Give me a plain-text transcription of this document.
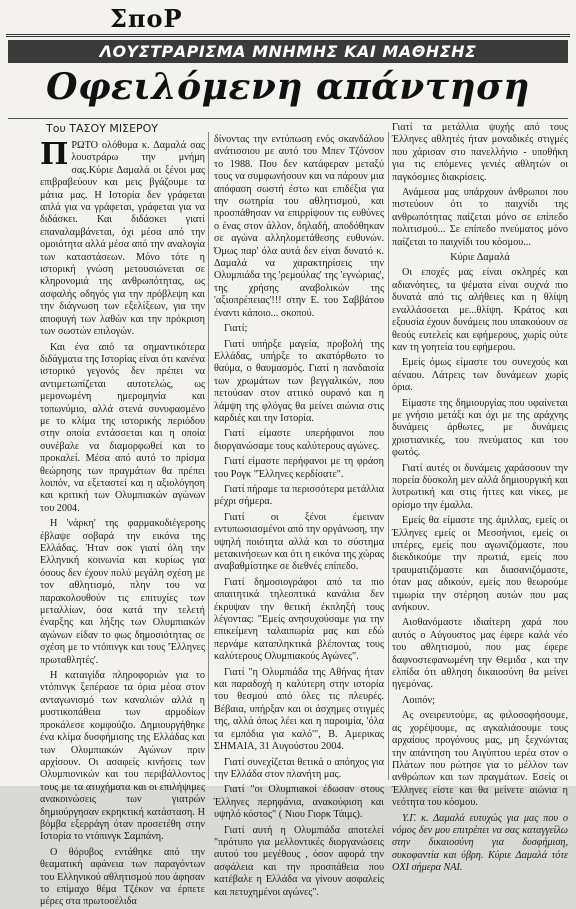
ΣποΡ
ΛΟΥΣΤΡΑΡΙΣΜΑ ΜΝΗΜΗΣ ΚΑΙ ΜΑΘΗΣΗΣ
Οφειλόμενη απάντηση
Του ΤΑΣΟΥ ΜΙΣΕΡΟΥ

ΠΡΩΤΟ ολόθυμα κ. Δαμαλά σας λουστράρω την μνήμη σας.Κύριε Δαμαλά οι ξένοι μας επιβραβεύουν και μεις βγάζουμε τα μάτια μας. Η Ιστορία δεν γράφεται απλά για να γράφεται, γράφεται για να διδάσκει. Και διδάσκει γιατί επαναλαμβάνεται, όχι μέσα από την ομοιότητα αλλά μέσα από την αναλογία των καταστάσεων. Μόνο τότε η ιστορική γνώση μετουσιώνεται σε κληρονομιά της ανθρωπότητας, ως ασφαλής οδηγός για την πρόβλεψη και την διάγνωση των εξελίξεων, για την αποφυγή των λαθών και την πρόκριση των σωστών επιλογών.

Και ένα από τα σημαντικότερα διδάγματα της Ιστορίας είναι ότι κανένα ιστορικό γεγονός δεν πρέπει να αντιμετωπίζεται αυτοτελώς, ως μεμονωμένη ημερομηνία και τοπωνύμιο, αλλά στενά συνυφασμένο με το κλίμα της ιστορικής περιόδου στην οποία εντάσσεται και η οποία συνέβαλε να διαμορφωθεί και το προκαλεί. Μέσα από αυτό το πρίσμα θεώρησης των πραγμάτων θα πρέπει λοιπόν, να εξεταστεί και η αξιολόγηση και κριτική των Ολυμπιακών αγώνων του 2004.

Η 'νάρκη' της φαρμακοδιέγερσης έβλαψε σοβαρά την εικόνα της Ελλάδας. Ήταν σοκ γιατί όλη την Ελληνική κοινωνία και κυρίως για όσους δεν έχουν πολύ μεγάλη σχέση με τον αθλητισμό, πλην του να παρακολουθούν τις επιτυχίες των μεταλλίων, όσα κατά την τελετή έναρξης και λήξης των Ολυμπιακών αγώνων είδαν το φως δημοσιότητας σε σχέση με το ντόπινγκ και τους 'Έλληνες πρωταθλητές'.

Η καταιγίδα πληροφοριών για το ντόπινγκ ξεπέρασε τα όρια μέσα στον ανταγωνισμό των καναλιών αλλά η μυστικοπάθεια των αρμοδίων προκάλεσε κομφούζιο. Δημιουργήθηκε ένα κλίμα δυσφήμισης της Ελλάδας και των Ολυμπιακών Αγώνων πριν αρχίσουν. Οι ασαφείς κινήσεις των Ολυμπιονικών και του περιβάλλοντος τους με τα ατυχήματα και οι επιλήψιμες ανακοινώσεις των γιατρών δημιούργησαν εκρηκτική κατάσταση. Η βόμβα εξερράγη όταν προσετέθη στην Ιστορία το ντόπινγκ Σαμπάνη.

Ο θόρυβος εντάθηκε από την θεαματική αφάνεια των παραγόντων του Ελληνικού αθλητισμού που άφησαν το επίμαχο θέμα Τζέκον να έρπετε μέρες στα πρωτοσέλιδα

δίνοντας την εντύπωση ενός σκανδάλου ανάτισσιου με αυτό του Μπεν Τζόνσον το 1988. Που δεν κατάφεραν μεταξύ τους να συμφωνήσουν και να πάρουν μια απόφαση σωστή έστω και επιδέξια για την σωτηρία του αθλητισμού, και προσπάθησαν να επιρρίψουν τις ευθύνες ο ένας στον άλλον, δηλαδή, αποδόθηκαν σε αγώνα αλληλομετάθεσης ευθυνών. Όμως παρ' όλα αυτά δεν είναι δυνατό κ. Δαμαλά να χαρακτηρίσεις την Ολυμπιάδα της 'ρεμούλας' της 'εγνώριας', της χρήσης αναβολικών της 'αξιοπρέπειας'!!! στην Ε. του Σαββάτου έναντι κάποιο... σκοπού.

Γιατί;

Γιατί υπήρξε μαγεία, προβολή της Ελλάδας, υπήρξε το ακατόρθωτο το θαύμα, ο θαυμασμός. Γιατί η πανδαισία των χρωμάτων των βεγγαλικών, που πετούσαν στον αττικό ουρανό και η λάμψη της φλόγας θα μείνει αιώνια στις καρδιές και την Ιστορία.

Γιατί είμαστε υπερήφανοι που διοργανώσαμε τους καλύτερους αγώνες.

Γιατί είμαστε περήφανοι με τη φράση του Ρογκ "Έλληνες κερδίσατε".

Γιατί πήραμε τα περισσότερα μετάλλια μέχρι σήμερα.

Γιατί οι ξένοι έμειναν εντυπωσιασμένοι από την οργάνωση, την υψηλή ποιότητα αλλά και το σύστημα μετακινήσεων και ότι η εικόνα της χώρας αναβαθμίστηκε σε διεθνές επίπεδο.

Γιατί δημοσιογράφοι από τα πιο απαιτητικά τηλεοπτικά κανάλια δεν έκρυψαν την θετική έκπληξή τους λέγοντας: "Εμείς ανησυχούσαμε για την επικείμενη ταλαιπωρία μας και εδώ περνάμε καταπληκτικά βλέποντας τους καλύτερους Ολυμπιακούς Αγώνες".

Γιατί "η Ολυμπιάδα της Αθήνας ήταν και παραδοχή η καλύτερη στην ιστορία του θεσμού από όλες τις πλευρές. Βέβαια, υπήρξαν και οι άσχημες στιγμές της, αλλά όπως λέει και η παροιμία, 'όλα τα εμπόδια για καλό'", Β. Αμερικας ΣΗΜΑΙΑ, 31 Αυγούστου 2004.

Γιατί συνεχίζεται θετικά ο απόηχος για την Ελλάδα στον πλανήτη μας.

Γιατί "οι Ολυμπιακοί έδωσαν στους Έλληνες περηφάνια, ανακούφιση και υψηλό κόστος" ( Νιου Γιορκ Τάιμς).

Γιατί αυτή η Ολυμπιάδα αποτελεί "πρότυπο για μελλοντικές διοργανώσεις αυτού του μεγέθους , όσον αφορά την ασφάλεια και την προσπάθεια που κατέβαλε η Ελλάδα να γίνουν ασφαλείς και πετυχημένοι αγώνες".

Γιατί τα μετάλλια ψυχής από τους Έλληνες αθλητές ήταν μοναδικές στιγμές που χάρισαν στο πανελλήνιο - υποθήκη για τις επόμενες γενιές αθλητών οι παγκόσμιες διακρίσεις.

Ανάμεσα μας υπάρχουν άνθρωποι που πιστεύουν ότι το παιχνίδι της ανθρωπότητας παίζεται μόνο σε επίπεδο πολιτισμού... Σε επίπεδο πνεύματος μόνο παίζεται το παιχνίδι του κόσμου...

Κύριε Δαμαλά

Οι εποχές μας είναι σκληρές και αδιανόητες, τα ψέματα είναι συχνά πιο δυνατά από τις αλήθειες και η θλίψη εναλλάσσεται με...θλίψη. Κράτος και εξουσία έχουν δυνάμεις που υπακούουν σε θεούς ευτελείς και εφήμερους, χωρίς ούτε καν τη γοητεία του εφήμερου.

Εμείς όμως είμαστε του συνεχούς και αέναου. Λάτρεις των δυνάμεων χωρίς όρια.

Είμαστε της δημιουργίας που υφαίνεται με γνήσιο μετάξι και όχι με της αράχνης δυνάμεις άρθωτες, με δυνάμεις χριστιανικές, του πνεύματος και του φωτός.

Γιατί αυτές οι δυνάμεις χαράσσουν την πορεία δύσκολη μεν αλλά δημιουργική και λυτρωτική και στις ήττες και νίκες, με ορίσμο την έμαλλα.

Εμείς θα είμαστε της άμιλλας, εμείς οι Έλληνες εμείς οι Μεσσήνιοι, εμείς οι ιπτέρες, εμείς που αγωνιζόμαστε, που διεκδικούμε την πρωτιά, εμείς που τραυματιζόμαστε και διασανιζόμαστε, όταν μας αδικούν, εμείς που θεωρούμε τιμωρία την στέρηση αυτών που μας ανήκουν.

Αισθανόμαστε ιδιαίτερη χαρά που αυτός ο Αύγουστος μας έφερε καλά νέο του αθλητισμού, που μας έφερε δαφνοστεφανωμένη την Θεμιδα , και την ελπίδα ότι αθληση δικαιοσύνη θα μείνει ηγεμόνας.

Λοιπόν;

Ας ονειρευτούμε, ας φιλοσοφήσουμε, ας χορέψουμε, ας αγκαλιάσουμε τους αρχαίους προγόνους μας, μη ξεχνώντας την απάντηση του Αιγύπτου ιερέα στον ο Πλάτων που ρώτησε για το μέλλον των ανθρώπων και των πραγμάτων. Εσείς οι Έλληνες είστε και θα μείνετε αιώνια η νεότητα του κόσμου.

Υ.Γ. κ. Δαμαλά ευτυχώς για μας που ο νόμος δεν μου επιτρέπει να σας καταγγείλω στην δικαιοσύνη για δυσφήμιση, συκοφαντία και ύβρη. Κύριε Δαμαλά τότε ΟΧΙ σήμερα ΝΑΙ.
